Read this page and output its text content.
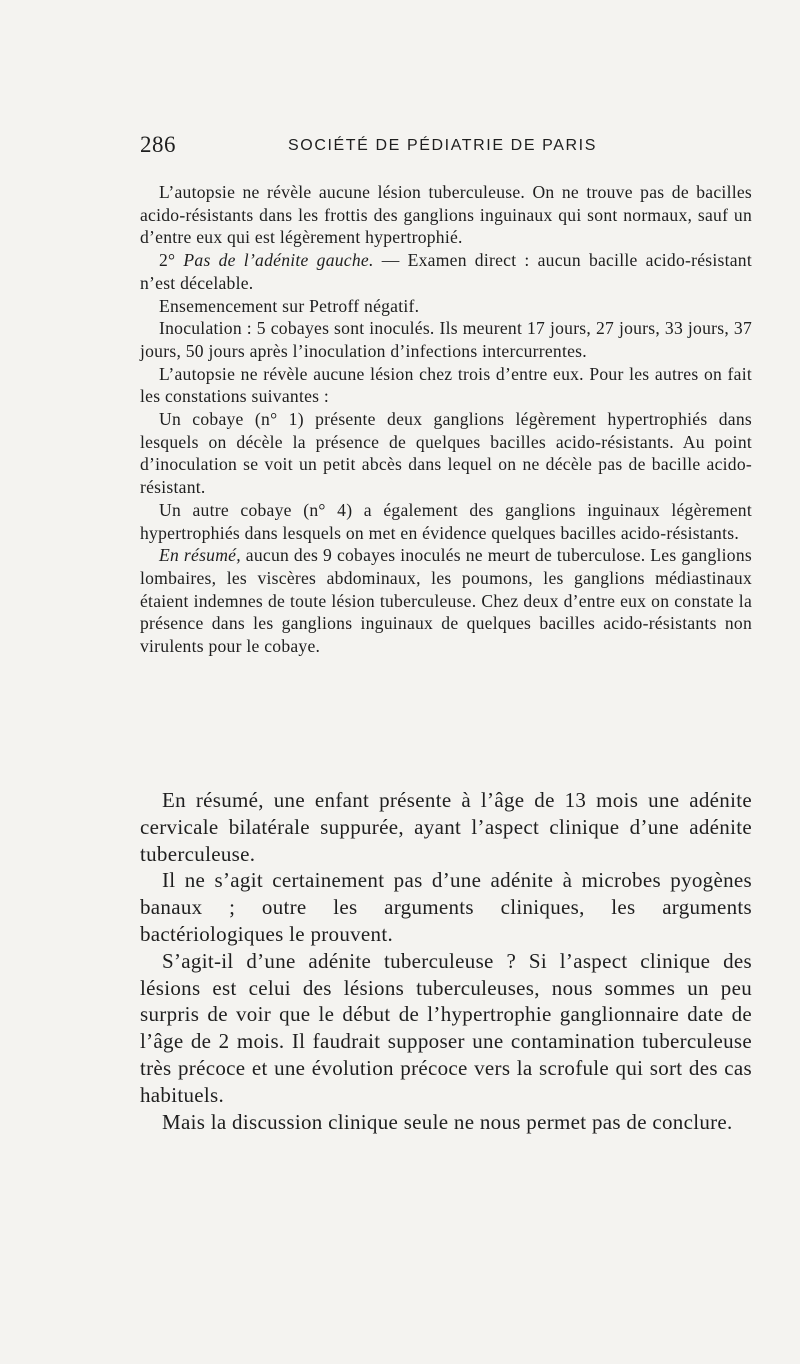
286	SOCIÉTÉ DE PÉDIATRIE DE PARIS

L’autopsie ne révèle aucune lésion tuberculeuse. On ne trouve pas de bacilles acido-résistants dans les frottis des ganglions inguinaux qui sont normaux, sauf un d’entre eux qui est légèrement hypertrophié.

2° Pas de l’adénite gauche. — Examen direct : aucun bacille acido-résistant n’est décelable.

Ensemencement sur Petroff négatif.

Inoculation : 5 cobayes sont inoculés. Ils meurent 17 jours, 27 jours, 33 jours, 37 jours, 50 jours après l’inoculation d’infections intercurrentes.

L’autopsie ne révèle aucune lésion chez trois d’entre eux. Pour les autres on fait les constations suivantes :

Un cobaye (n° 1) présente deux ganglions légèrement hypertrophiés dans lesquels on décèle la présence de quelques bacilles acido-résistants. Au point d’inoculation se voit un petit abcès dans lequel on ne décèle pas de bacille acido-résistant.

Un autre cobaye (n° 4) a également des ganglions inguinaux légèrement hypertrophiés dans lesquels on met en évidence quelques bacilles acido-résistants.

En résumé, aucun des 9 cobayes inoculés ne meurt de tuberculose. Les ganglions lombaires, les viscères abdominaux, les poumons, les ganglions médiastinaux étaient indemnes de toute lésion tuberculeuse. Chez deux d’entre eux on constate la présence dans les ganglions inguinaux de quelques bacilles acido-résistants non virulents pour le cobaye.

En résumé, une enfant présente à l’âge de 13 mois une adénite cervicale bilatérale suppurée, ayant l’aspect clinique d’une adénite tuberculeuse.

Il ne s’agit certainement pas d’une adénite à microbes pyogènes banaux ; outre les arguments cliniques, les arguments bactériologiques le prouvent.

S’agit-il d’une adénite tuberculeuse ? Si l’aspect clinique des lésions est celui des lésions tuberculeuses, nous sommes un peu surpris de voir que le début de l’hypertrophie ganglionnaire date de l’âge de 2 mois. Il faudrait supposer une contamination tuberculeuse très précoce et une évolution précoce vers la scrofule qui sort des cas habituels.

Mais la discussion clinique seule ne nous permet pas de conclure.
